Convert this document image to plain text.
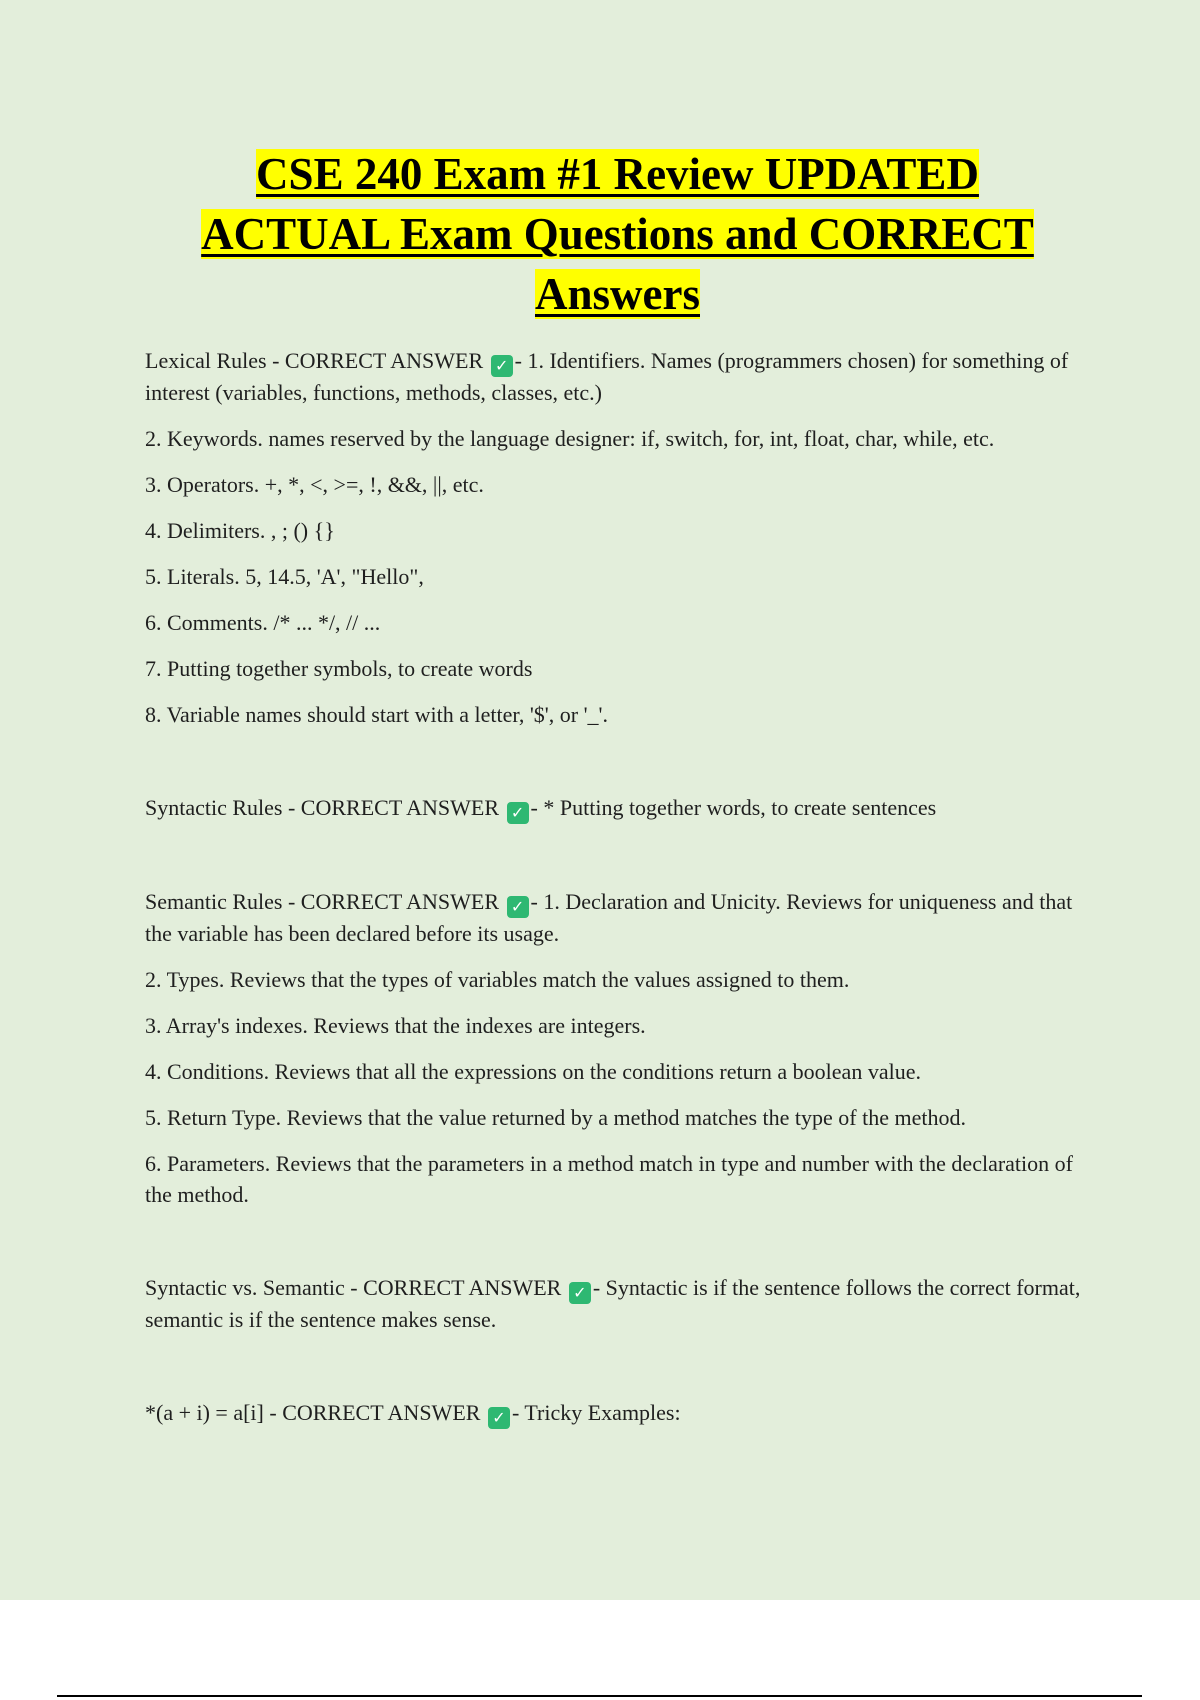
CSE 240 Exam #1 Review UPDATED
ACTUAL Exam Questions and CORRECT
Answers

Lexical Rules - CORRECT ANSWER ✓ - 1. Identifiers. Names (programmers chosen) for something of interest (variables, functions, methods, classes, etc.)

2. Keywords. names reserved by the language designer: if, switch, for, int, float, char, while, etc.

3. Operators. +, *, <, >=, !, &&, ||, etc.

4. Delimiters. , ; () {}

5. Literals. 5, 14.5, 'A', "Hello",

6. Comments. /* ... */, // ...

7. Putting together symbols, to create words

8. Variable names should start with a letter, '$', or '_'.

Syntactic Rules - CORRECT ANSWER ✓ - * Putting together words, to create sentences

Semantic Rules - CORRECT ANSWER ✓ - 1. Declaration and Unicity. Reviews for uniqueness and that the variable has been declared before its usage.

2. Types. Reviews that the types of variables match the values assigned to them.

3. Array's indexes. Reviews that the indexes are integers.

4. Conditions. Reviews that all the expressions on the conditions return a boolean value.

5. Return Type. Reviews that the value returned by a method matches the type of the method.

6. Parameters. Reviews that the parameters in a method match in type and number with the declaration of the method.

Syntactic vs. Semantic - CORRECT ANSWER ✓ - Syntactic is if the sentence follows the correct format, semantic is if the sentence makes sense.

*(a + i) = a[i] - CORRECT ANSWER ✓ - Tricky Examples:
